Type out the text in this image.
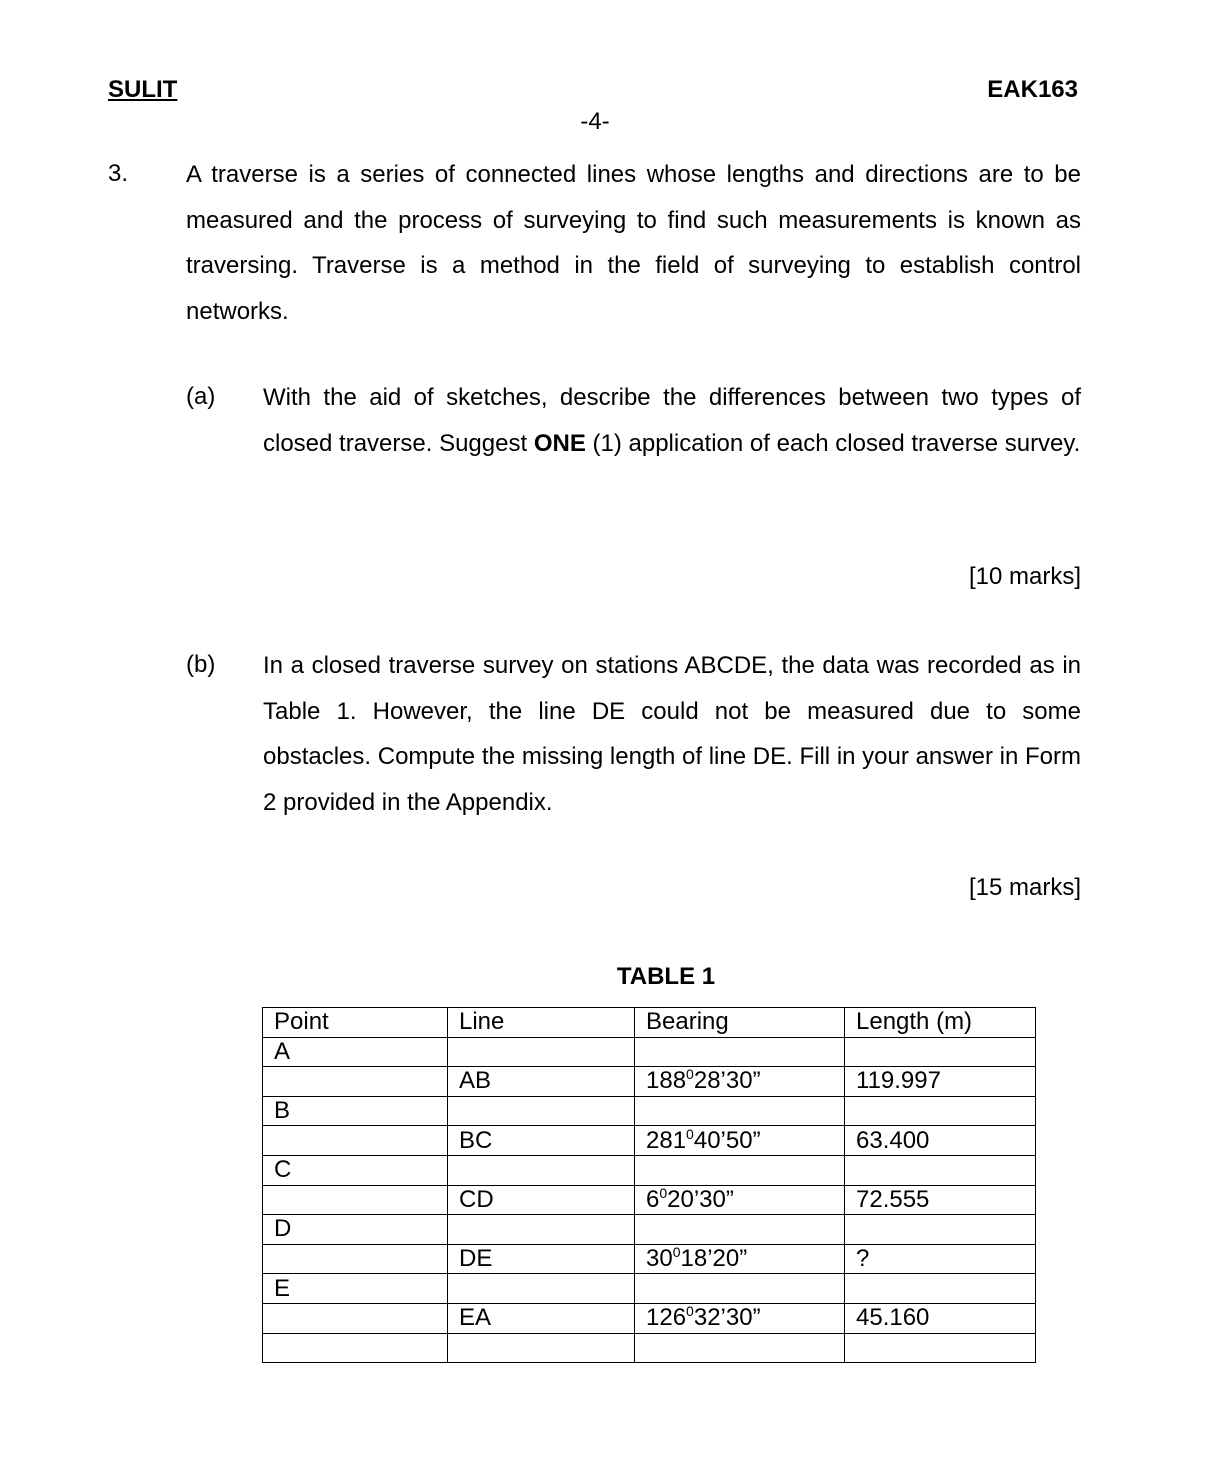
SULIT	EAK163
-4-
3. A traverse is a series of connected lines whose lengths and directions are to be measured and the process of surveying to find such measurements is known as traversing. Traverse is a method in the field of surveying to establish control networks.
(a) With the aid of sketches, describe the differences between two types of closed traverse. Suggest ONE (1) application of each closed traverse survey.
[10 marks]
(b) In a closed traverse survey on stations ABCDE, the data was recorded as in Table 1. However, the line DE could not be measured due to some obstacles. Compute the missing length of line DE. Fill in your answer in Form 2 provided in the Appendix.
[15 marks]
TABLE 1
Point	Line	Bearing	Length (m)
A			
	AB	$188^028’30$”	119.997
B			
	BC	$281^040’50$”	63.400
C			
	CD	$6^020’30$”	72.555
D			
	DE	$30^018’20$”	?
E			
	EA	$126^032’30$”	45.160
